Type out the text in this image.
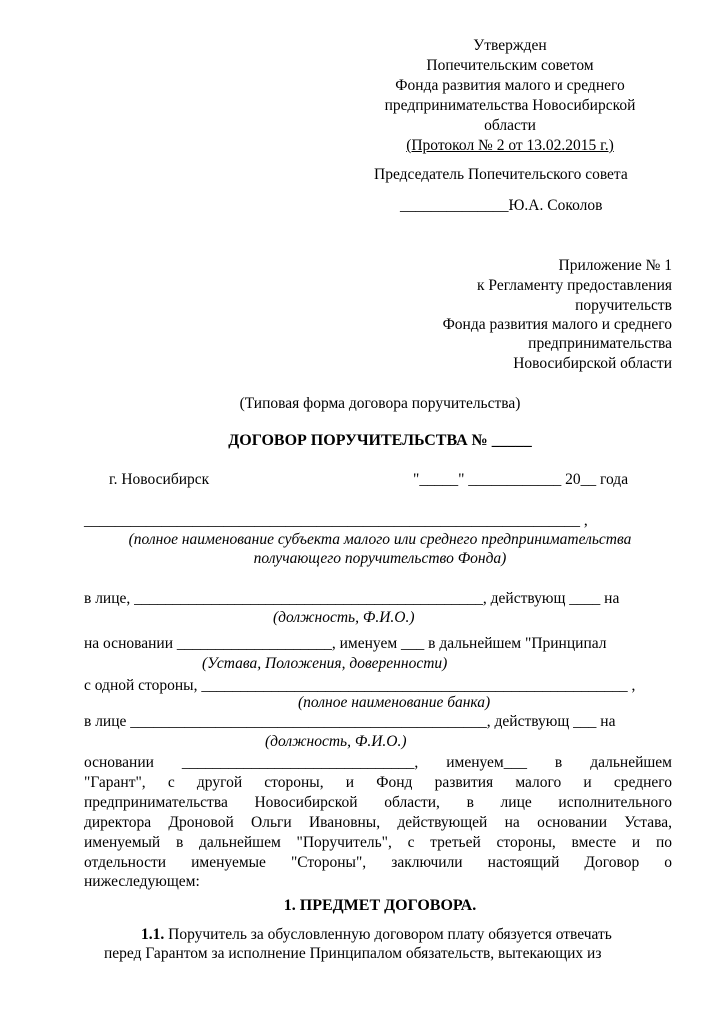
Утвержден
Попечительским советом
Фонда развития малого и среднего
предпринимательства Новосибирской
области
(Протокол № 2 от 13.02.2015 г.)
Председатель Попечительского совета
______________Ю.А. Соколов
Приложение № 1
к Регламенту предоставления
поручительств
Фонда развития малого и среднего
предпринимательства
Новосибирской области
(Типовая форма договора поручительства)
ДОГОВОР ПОРУЧИТЕЛЬСТВА № _____
г. Новосибирск	"_____" ____________ 20__ года
________________________________________________________________ ,
(полное наименование субъекта малого или среднего предпринимательства
получающего поручительство Фонда)
в лице, _____________________________________________, действующ ____ на
(должность, Ф.И.О.)
на основании ____________________, именуем ___ в дальнейшем "Принципал
(Устава, Положения, доверенности)
с одной стороны, _______________________________________________________ ,
(полное наименование банка)
в лице ______________________________________________, действующ ___ на
(должность, Ф.И.О.)
основании ______________________________, именуем___ в дальнейшем
"Гарант", с другой стороны, и Фонд развития малого и среднего
предпринимательства Новосибирской области, в лице исполнительного
директора Дроновой Ольги Ивановны, действующей на основании Устава,
именуемый в дальнейшем "Поручитель", с третьей стороны, вместе и по
отдельности именуемые "Стороны", заключили настоящий Договор о
нижеследующем:
1. ПРЕДМЕТ ДОГОВОРА.
1.1. Поручитель за обусловленную договором плату обязуется отвечать
перед Гарантом за исполнение Принципалом обязательств, вытекающих из
